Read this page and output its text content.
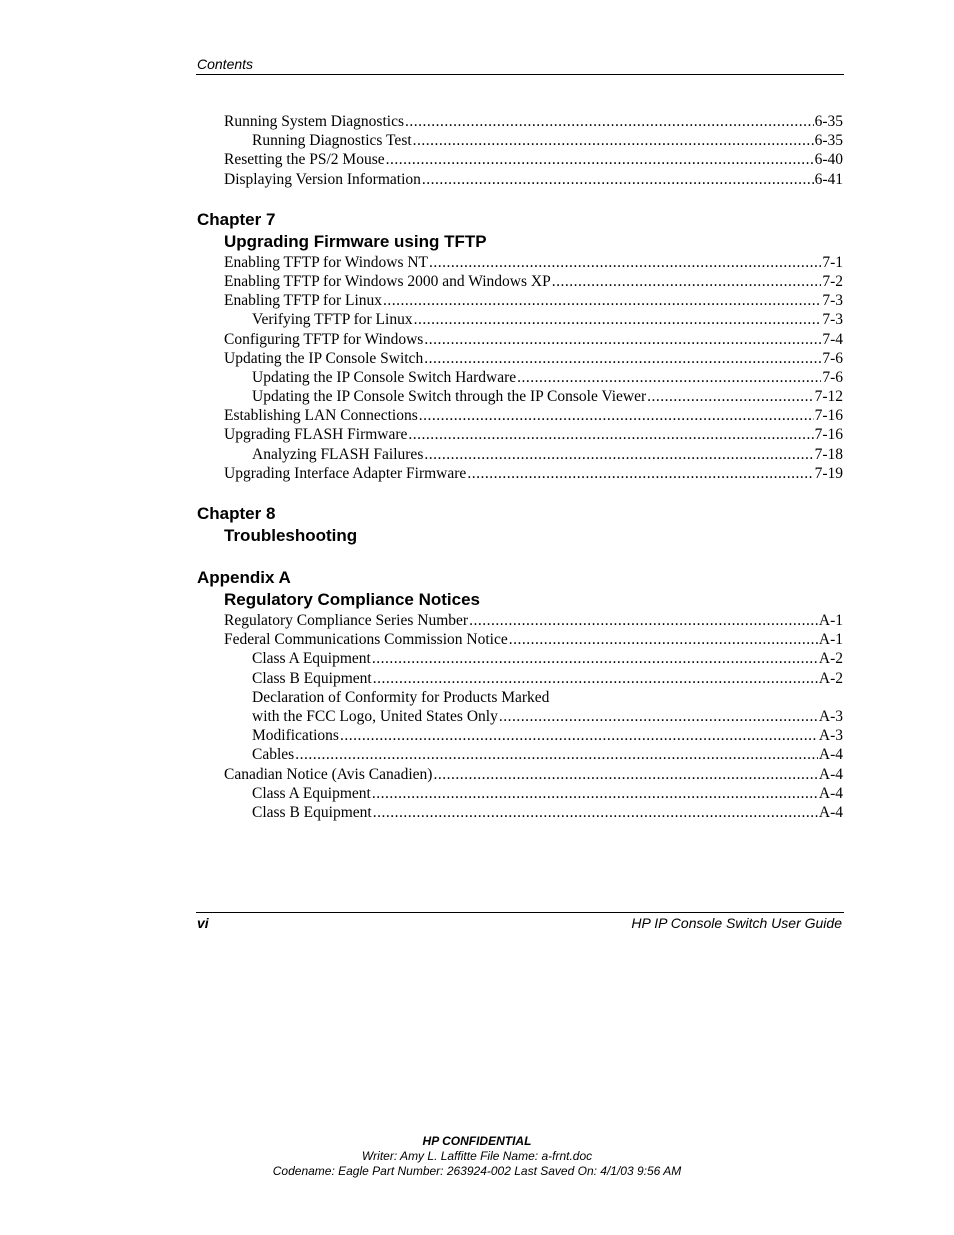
Contents
Running System Diagnostics .....	6-35
Running Diagnostics Test .....	6-35
Resetting the PS/2 Mouse .....	6-40
Displaying Version Information .....	6-41
Chapter 7
Upgrading Firmware using TFTP
Enabling TFTP for Windows NT .....	7-1
Enabling TFTP for Windows 2000 and Windows XP .....	7-2
Enabling TFTP for Linux .....	7-3
Verifying TFTP for Linux .....	7-3
Configuring TFTP for Windows .....	7-4
Updating the IP Console Switch .....	7-6
Updating the IP Console Switch Hardware .....	7-6
Updating the IP Console Switch through the IP Console Viewer .....	7-12
Establishing LAN Connections .....	7-16
Upgrading FLASH Firmware .....	7-16
Analyzing FLASH Failures .....	7-18
Upgrading Interface Adapter Firmware .....	7-19
Chapter 8
Troubleshooting
Appendix A
Regulatory Compliance Notices
Regulatory Compliance Series Number .....	A-1
Federal Communications Commission Notice .....	A-1
Class A Equipment .....	A-2
Class B Equipment .....	A-2
Declaration of Conformity for Products Marked
with the FCC Logo, United States Only .....	A-3
Modifications .....	A-3
Cables .....	A-4
Canadian Notice (Avis Canadien) .....	A-4
Class A Equipment .....	A-4
Class B Equipment .....	A-4
vi	HP IP Console Switch User Guide
HP CONFIDENTIAL
Writer: Amy L. Laffitte File Name: a-frnt.doc
Codename: Eagle Part Number: 263924-002 Last Saved On: 4/1/03 9:56 AM
